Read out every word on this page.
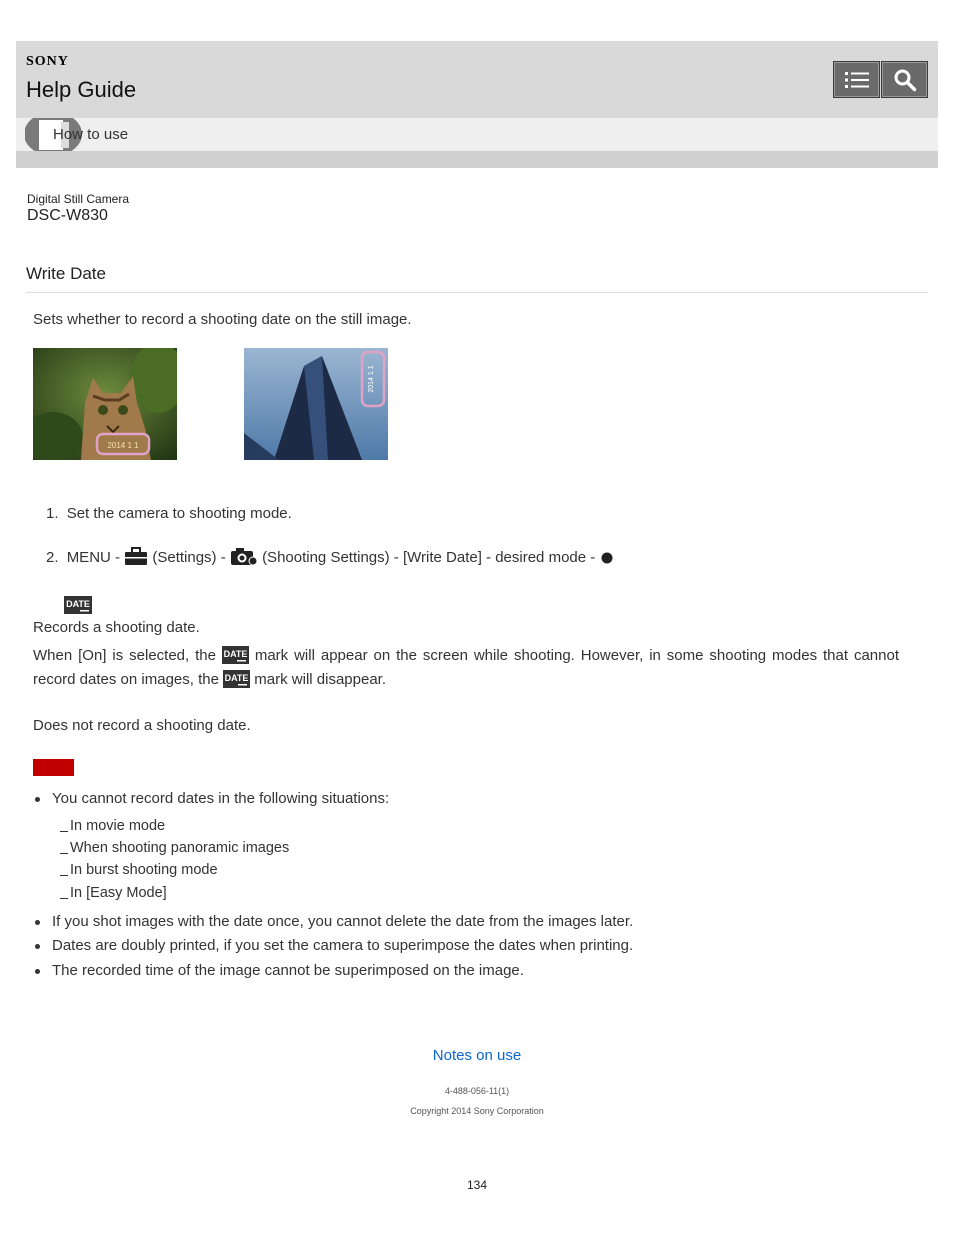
SONY
Help Guide
How to use
Digital Still Camera
DSC-W830
Write Date
Sets whether to record a shooting date on the still image.
2014 1 1
2014 1 1
1. Set the camera to shooting mode.
2. MENU - (Settings) - (Shooting Settings) - [Write Date] - desired mode -
DATE
Records a shooting date.
When [On] is selected, the DATE mark will appear on the screen while shooting. However, in some shooting modes that cannot record dates on images, the DATE mark will disappear.
Does not record a shooting date.
You cannot record dates in the following situations:
In movie mode
When shooting panoramic images
In burst shooting mode
In [Easy Mode]
If you shot images with the date once, you cannot delete the date from the images later.
Dates are doubly printed, if you set the camera to superimpose the dates when printing.
The recorded time of the image cannot be superimposed on the image.
Notes on use
4-488-056-11(1)
Copyright 2014 Sony Corporation
134
